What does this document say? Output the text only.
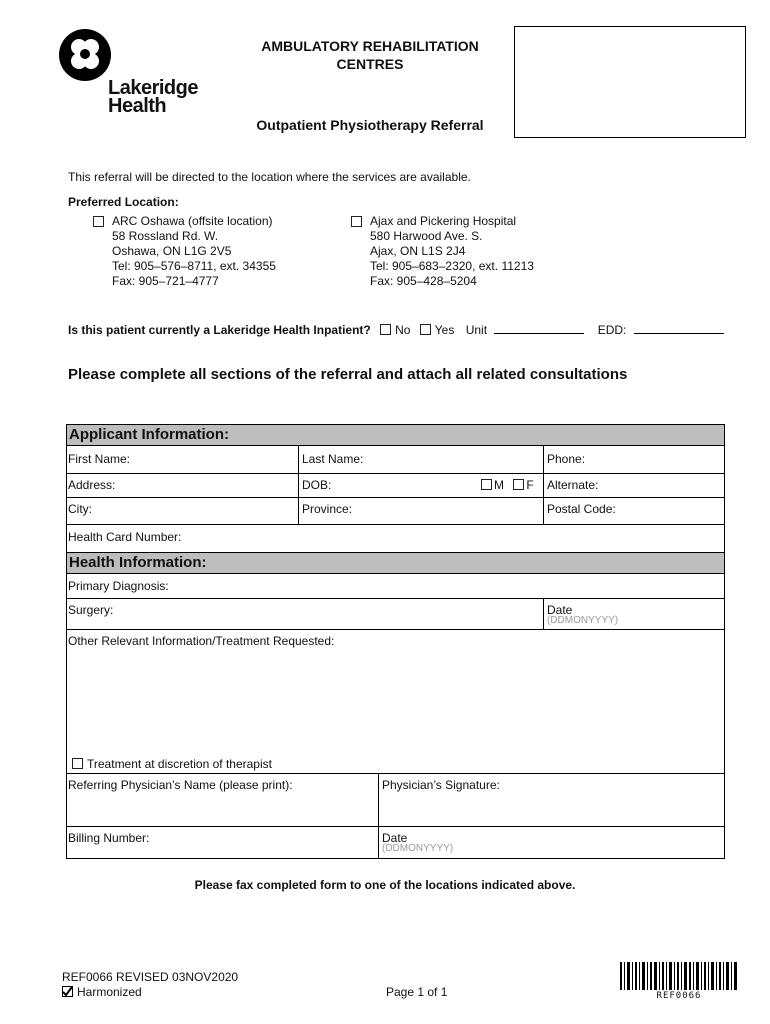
Lakeridge
Health
AMBULATORY REHABILITATION
CENTRES
Outpatient Physiotherapy Referral
This referral will be directed to the location where the services are available.
Preferred Location:
ARC Oshawa (offsite location)
58 Rossland Rd. W.
Oshawa, ON L1G 2V5
Tel: 905–576–8711, ext. 34355
Fax: 905–721–4777
Ajax and Pickering Hospital
580 Harwood Ave. S.
Ajax, ON L1S 2J4
Tel: 905–683–2320, ext. 11213
Fax: 905–428–5204
Is this patient currently a Lakeridge Health Inpatient? No Yes Unit	EDD:
Please complete all sections of the referral and attach all related consultations
Applicant Information:
First Name:	Last Name:	Phone:
Address:	DOB:	M F Alternate:
City:	Province:	Postal Code:
Health Card Number:
Health Information:
Primary Diagnosis:
Surgery:	Date
(DDMONYYYY)
Other Relevant Information/Treatment Requested:
Treatment at discretion of therapist
Referring Physician’s Name (please print):	Physician’s Signature:
Billing Number:	Date
(DDMONYYYY)
Please fax completed form to one of the locations indicated above.
REF0066 REVISED 03NOV2020
Harmonized	Page 1 of 1	REF0066
